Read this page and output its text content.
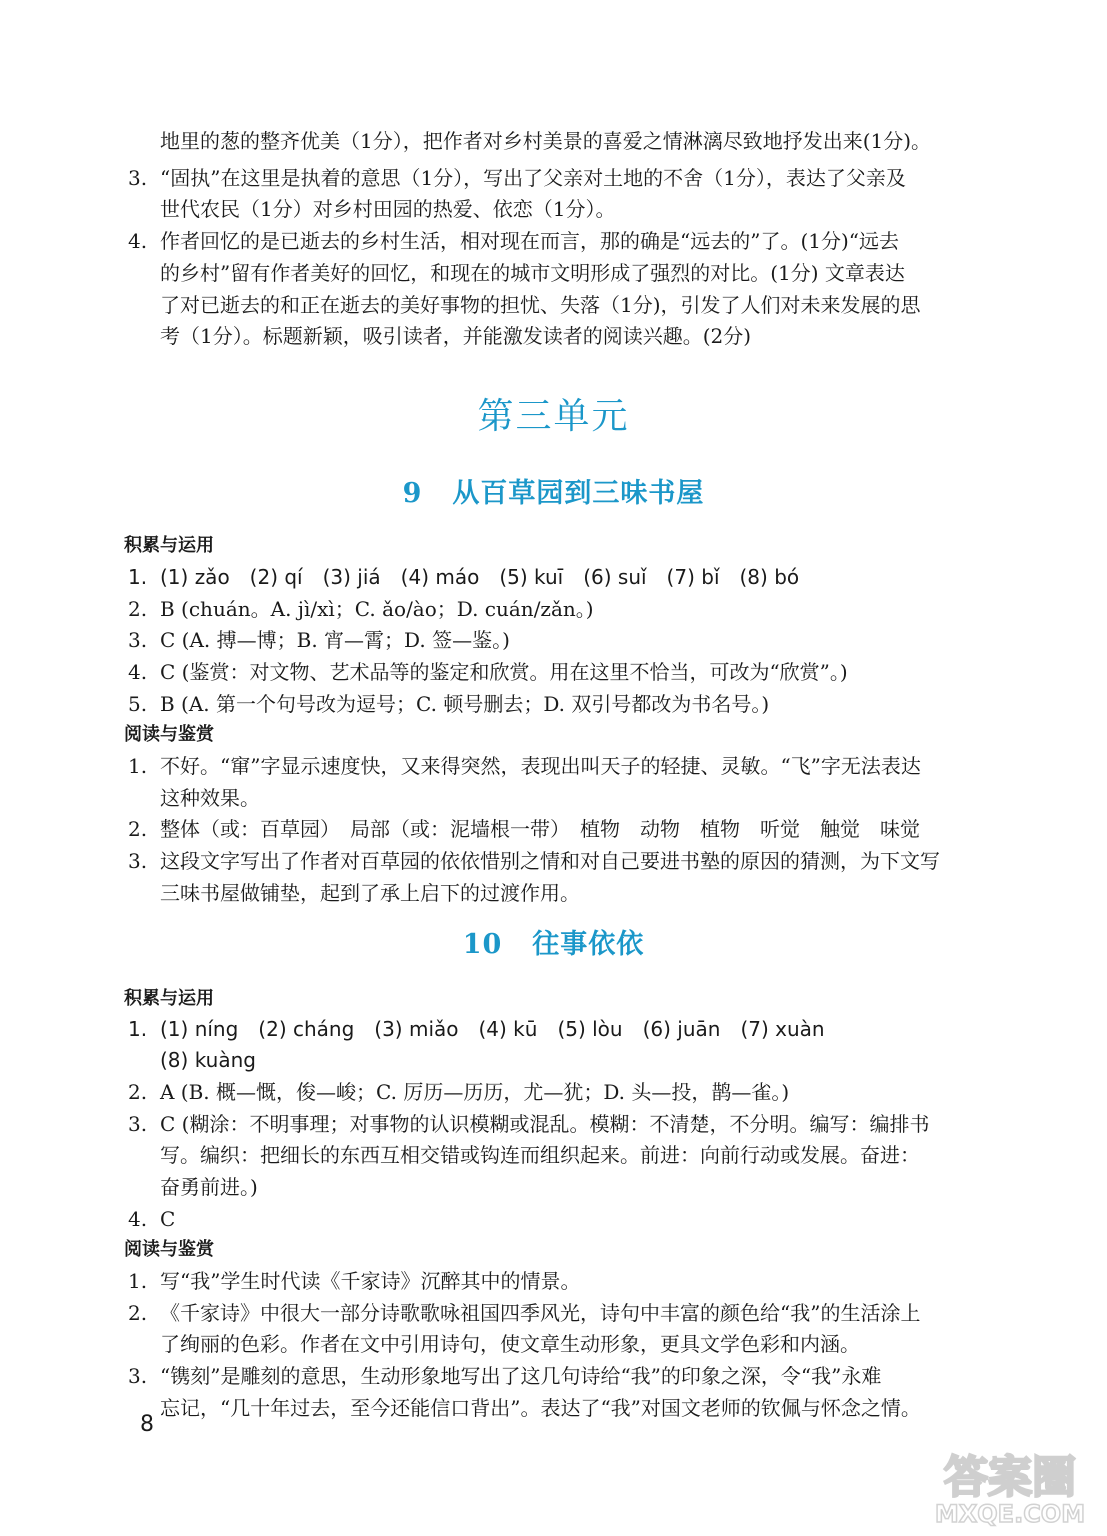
地里的葱的整齐优美（1分），把作者对乡村美景的喜爱之情淋漓尽致地抒发出来(1分)。
3. “固执”在这里是执着的意思（1分），写出了父亲对土地的不舍（1分），表达了父亲及
世代农民（1分）对乡村田园的热爱、依恋（1分）。
4. 作者回忆的是已逝去的乡村生活，相对现在而言，那的确是“远去的”了。(1分)“远去
的乡村”留有作者美好的回忆，和现在的城市文明形成了强烈的对比。(1分) 文章表达
了对已逝去的和正在逝去的美好事物的担忧、失落（1分)，引发了人们对未来发展的思
考（1分）。标题新颖，吸引读者，并能激发读者的阅读兴趣。(2分)
第三单元
9 从百草园到三味书屋
积累与运用
1. (1) zǎo　(2) qí　(3) jiá　(4) máo　(5) kuī　(6) suǐ　(7) bǐ　(8) bó
2. B (chuán。A. jì/xì；C. ǎo/ào；D. cuán/zǎn。)
3. C (A. 搏—博；B. 宵—霄；D. 签—鉴。)
4. C (鉴赏：对文物、艺术品等的鉴定和欣赏。用在这里不恰当，可改为“欣赏”。)
5. B (A. 第一个句号改为逗号；C. 顿号删去；D. 双引号都改为书名号。)
阅读与鉴赏
1. 不好。“窜”字显示速度快，又来得突然，表现出叫天子的轻捷、灵敏。“飞”字无法表达
这种效果。
2. 整体（或：百草园）　局部（或：泥墙根一带）　植物　动物　植物　听觉　触觉　味觉
3. 这段文字写出了作者对百草园的依依惜别之情和对自己要进书塾的原因的猜测，为下文写
三味书屋做铺垫，起到了承上启下的过渡作用。
10 往事依依
积累与运用
1. (1) níng　(2) cháng　(3) miǎo　(4) kū　(5) lòu　(6) juān　(7) xuàn
(8) kuàng
2. A (B. 概—慨，俊—峻；C. 厉历—历历，尤—犹；D. 头—投，鹊—雀。)
3. C (糊涂：不明事理；对事物的认识模糊或混乱。模糊：不清楚，不分明。编写：编排书
写。编织：把细长的东西互相交错或钩连而组织起来。前进：向前行动或发展。奋进：
奋勇前进。)
4. C
阅读与鉴赏
1. 写“我”学生时代读《千家诗》沉醉其中的情景。
2. 《千家诗》中很大一部分诗歌歌咏祖国四季风光，诗句中丰富的颜色给“我”的生活涂上
了绚丽的色彩。作者在文中引用诗句，使文章生动形象，更具文学色彩和内涵。
3. “镌刻”是雕刻的意思，生动形象地写出了这几句诗给“我”的印象之深，令“我”永难
忘记，“几十年过去，至今还能信口背出”。表达了“我”对国文老师的钦佩与怀念之情。
8
答案圈
MXQE.COM
